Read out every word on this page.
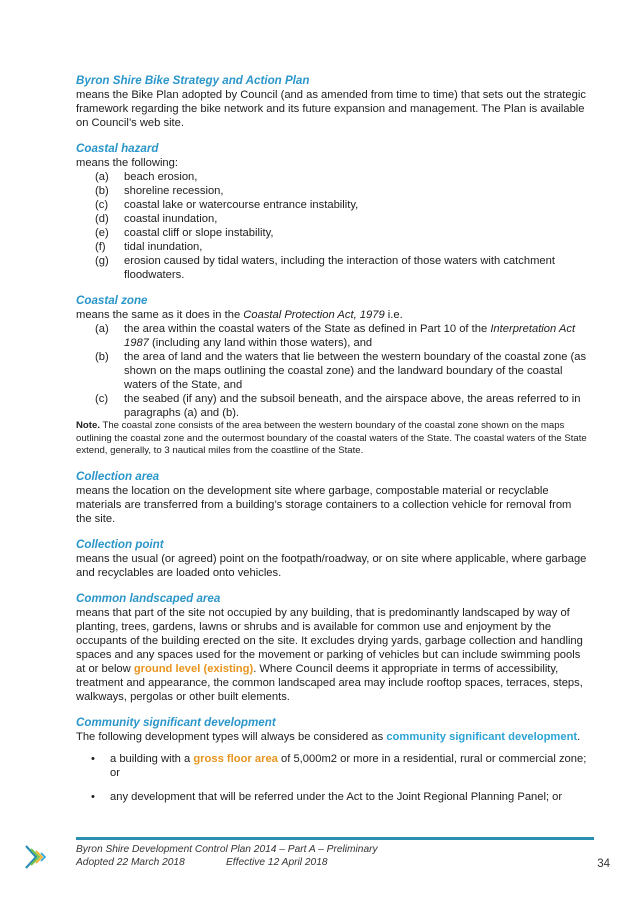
Byron Shire Bike Strategy and Action Plan

means the Bike Plan adopted by Council (and as amended from time to time) that sets out the strategic framework regarding the bike network and its future expansion and management. The Plan is available on Council’s web site.

Coastal hazard

means the following:

(a) beach erosion,
(b) shoreline recession,
(c) coastal lake or watercourse entrance instability,
(d) coastal inundation,
(e) coastal cliff or slope instability,
(f) tidal inundation,
(g) erosion caused by tidal waters, including the interaction of those waters with catchment floodwaters.
Coastal zone

means the same as it does in the Coastal Protection Act, 1979 i.e.

(a) the area within the coastal waters of the State as defined in Part 10 of the Interpretation Act 1987 (including any land within those waters), and
(b) the area of land and the waters that lie between the western boundary of the coastal zone (as shown on the maps outlining the coastal zone) and the landward boundary of the coastal waters of the State, and
(c) the seabed (if any) and the subsoil beneath, and the airspace above, the areas referred to in paragraphs (a) and (b).

Note. The coastal zone consists of the area between the western boundary of the coastal zone shown on the maps outlining the coastal zone and the outermost boundary of the coastal waters of the State. The coastal waters of the State extend, generally, to 3 nautical miles from the coastline of the State.

Collection area

means the location on the development site where garbage, compostable material or recyclable materials are transferred from a building’s storage containers to a collection vehicle for removal from the site.

Collection point

means the usual (or agreed) point on the footpath/roadway, or on site where applicable, where garbage and recyclables are loaded onto vehicles.

Common landscaped area

means that part of the site not occupied by any building, that is predominantly landscaped by way of planting, trees, gardens, lawns or shrubs and is available for common use and enjoyment by the occupants of the building erected on the site. It excludes drying yards, garbage collection and handling spaces and any spaces used for the movement or parking of vehicles but can include swimming pools at or below ground level (existing). Where Council deems it appropriate in terms of accessibility, treatment and appearance, the common landscaped area may include rooftop spaces, terraces, steps, walkways, pergolas or other built elements.

Community significant development

The following development types will always be considered as community significant development.

• a building with a gross floor area of 5,000m2 or more in a residential, rural or commercial zone; or
• any development that will be referred under the Act to the Joint Regional Planning Panel; or
Byron Shire Development Control Plan 2014 – Part A – Preliminary
Adopted 22 March 2018	Effective 12 April 2018	34
